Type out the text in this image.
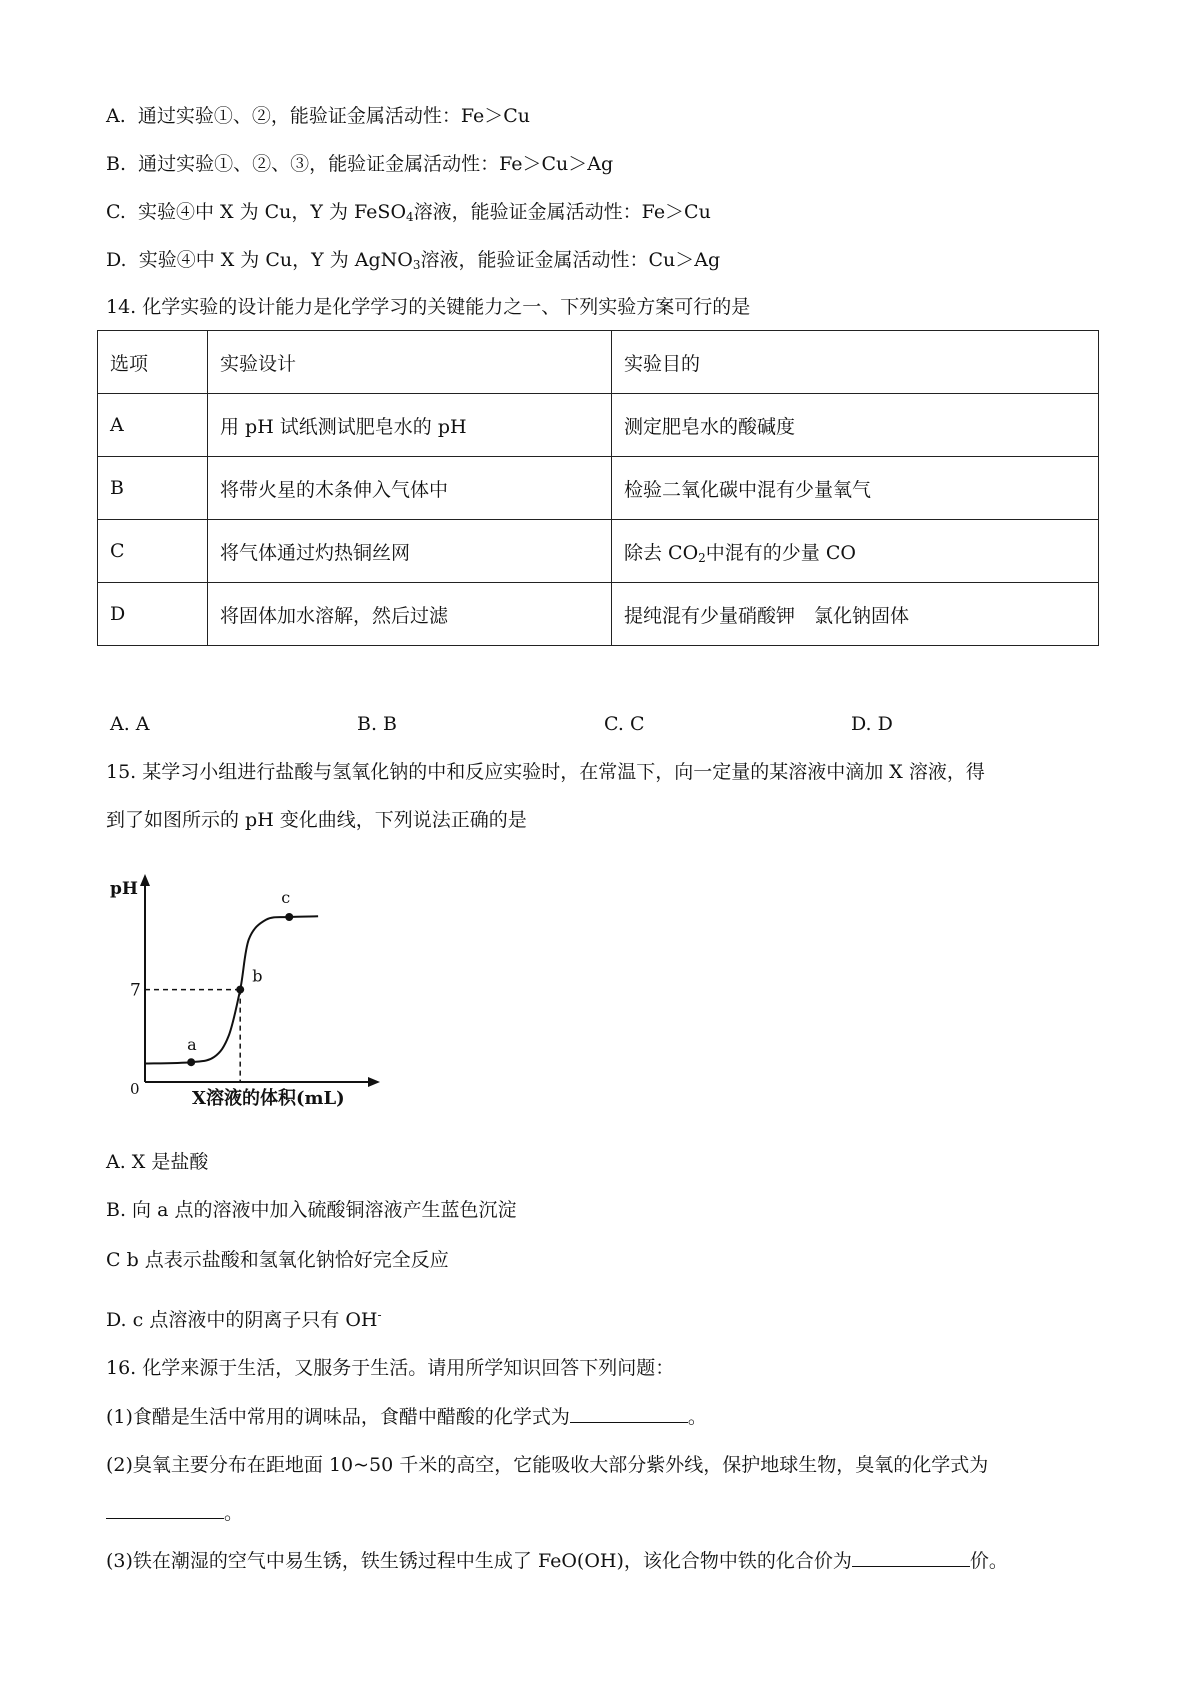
A. 通过实验①、②，能验证金属活动性：Fe＞Cu
B. 通过实验①、②、③，能验证金属活动性：Fe＞Cu＞Ag
C. 实验④中 X 为 Cu，Y 为 FeSO$_4$溶液，能验证金属活动性：Fe＞Cu
D. 实验④中 X 为 Cu，Y 为 AgNO$_3$溶液，能验证金属活动性：Cu＞Ag
14. 化学实验的设计能力是化学学习的关键能力之一、下列实验方案可行的是
选项	实验设计	实验目的
A	用 pH 试纸测试肥皂水的 pH	测定肥皂水的酸碱度
B	将带火星的木条伸入气体中	检验二氧化碳中混有少量氧气
C	将气体通过灼热铜丝网	除去 $CO_2$中混有的少量 CO
D	将固体加水溶解，然后过滤	提纯混有少量硝酸钾　氯化钠固体
A. A	B. B	C. C	D. D
15. 某学习小组进行盐酸与氢氧化钠的中和反应实验时，在常温下，向一定量的某溶液中滴加 X 溶液，得
到了如图所示的 pH 变化曲线，下列说法正确的是
pH
0
7
X溶液的体积(mL)
a
b
c
A. X 是盐酸
B. 向 a 点的溶液中加入硫酸铜溶液产生蓝色沉淀
C b 点表示盐酸和氢氧化钠恰好完全反应
D. c 点溶液中的阴离子只有 OH-
16. 化学来源于生活，又服务于生活。请用所学知识回答下列问题：
(1)食醋是生活中常用的调味品，食醋中醋酸的化学式为	。
(2)臭氧主要分布在距地面 10~50 千米的高空，它能吸收大部分紫外线，保护地球生物，臭氧的化学式为
。
(3)铁在潮湿的空气中易生锈，铁生锈过程中生成了 FeO(OH)，该化合物中铁的化合价为	价。
